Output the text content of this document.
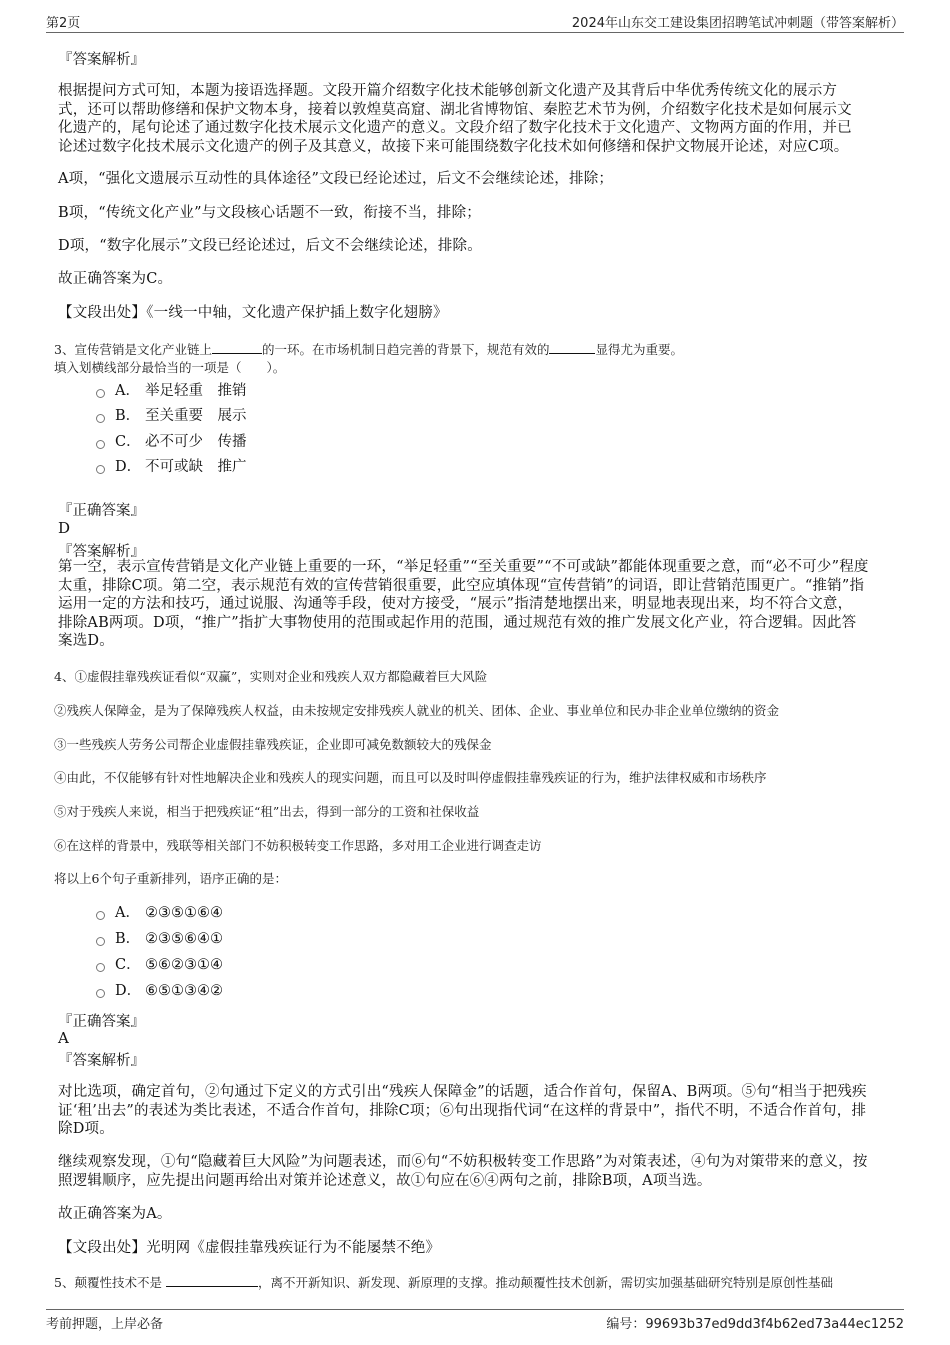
第2页	2024年山东交工建设集团招聘笔试冲刺题（带答案解析）
『答案解析』
根据提问方式可知，本题为接语选择题。文段开篇介绍数字化技术能够创新文化遗产及其背后中华优秀传统文化的展示方
式，还可以帮助修缮和保护文物本身，接着以敦煌莫高窟、湖北省博物馆、秦腔艺术节为例，介绍数字化技术是如何展示文
化遗产的，尾句论述了通过数字化技术展示文化遗产的意义。文段介绍了数字化技术于文化遗产、文物两方面的作用，并已
论述过数字化技术展示文化遗产的例子及其意义，故接下来可能围绕数字化技术如何修缮和保护文物展开论述，对应C项。
A项，“强化文遗展示互动性的具体途径”文段已经论述过，后文不会继续论述，排除；
B项，“传统文化产业”与文段核心话题不一致，衔接不当，排除；
D项，“数字化展示”文段已经论述过，后文不会继续论述，排除。
故正确答案为C。
【文段出处】《一线一中轴，文化遗产保护插上数字化翅膀》
3、宣传营销是文化产业链上	的一环。在市场机制日趋完善的背景下，规范有效的	显得尤为重要。
填入划横线部分最恰当的一项是（　　）。
A． 举足轻重　推销
B． 至关重要　展示
C． 必不可少　传播
D． 不可或缺　推广
『正确答案』
D
『答案解析』
第一空，表示宣传营销是文化产业链上重要的一环，“举足轻重”“至关重要”“不可或缺”都能体现重要之意，而“必不可少”程度
太重，排除C项。第二空，表示规范有效的宣传营销很重要，此空应填体现“宣传营销”的词语，即让营销范围更广。“推销”指
运用一定的方法和技巧，通过说服、沟通等手段，使对方接受，“展示”指清楚地摆出来，明显地表现出来，均不符合文意，
排除AB两项。D项，“推广”指扩大事物使用的范围或起作用的范围，通过规范有效的推广发展文化产业，符合逻辑。因此答
案选D。
4、①虚假挂靠残疾证看似“双赢”，实则对企业和残疾人双方都隐藏着巨大风险
②残疾人保障金，是为了保障残疾人权益，由未按规定安排残疾人就业的机关、团体、企业、事业单位和民办非企业单位缴纳的资金
③一些残疾人劳务公司帮企业虚假挂靠残疾证，企业即可减免数额较大的残保金
④由此，不仅能够有针对性地解决企业和残疾人的现实问题，而且可以及时叫停虚假挂靠残疾证的行为，维护法律权威和市场秩序
⑤对于残疾人来说，相当于把残疾证“租”出去，得到一部分的工资和社保收益
⑥在这样的背景中，残联等相关部门不妨积极转变工作思路，多对用工企业进行调查走访
将以上6个句子重新排列，语序正确的是：
A． ②③⑤①⑥④
B． ②③⑤⑥④①
C． ⑤⑥②③①④
D． ⑥⑤①③④②
『正确答案』
A
『答案解析』
对比选项，确定首句，②句通过下定义的方式引出“残疾人保障金”的话题，适合作首句，保留A、B两项。⑤句“相当于把残疾
证‘租’出去”的表述为类比表述，不适合作首句，排除C项；⑥句出现指代词“在这样的背景中”，指代不明，不适合作首句，排
除D项。
继续观察发现，①句“隐藏着巨大风险”为问题表述，而⑥句“不妨积极转变工作思路”为对策表述，④句为对策带来的意义，按
照逻辑顺序，应先提出问题再给出对策并论述意义，故①句应在⑥④两句之前，排除B项，A项当选。
故正确答案为A。
【文段出处】光明网《虚假挂靠残疾证行为不能屡禁不绝》
5、颠覆性技术不是	，离不开新知识、新发现、新原理的支撑。推动颠覆性技术创新，需切实加强基础研究特别是原创性基础
考前押题，上岸必备	编号：99693b37ed9dd3f4b62ed73a44ec1252
